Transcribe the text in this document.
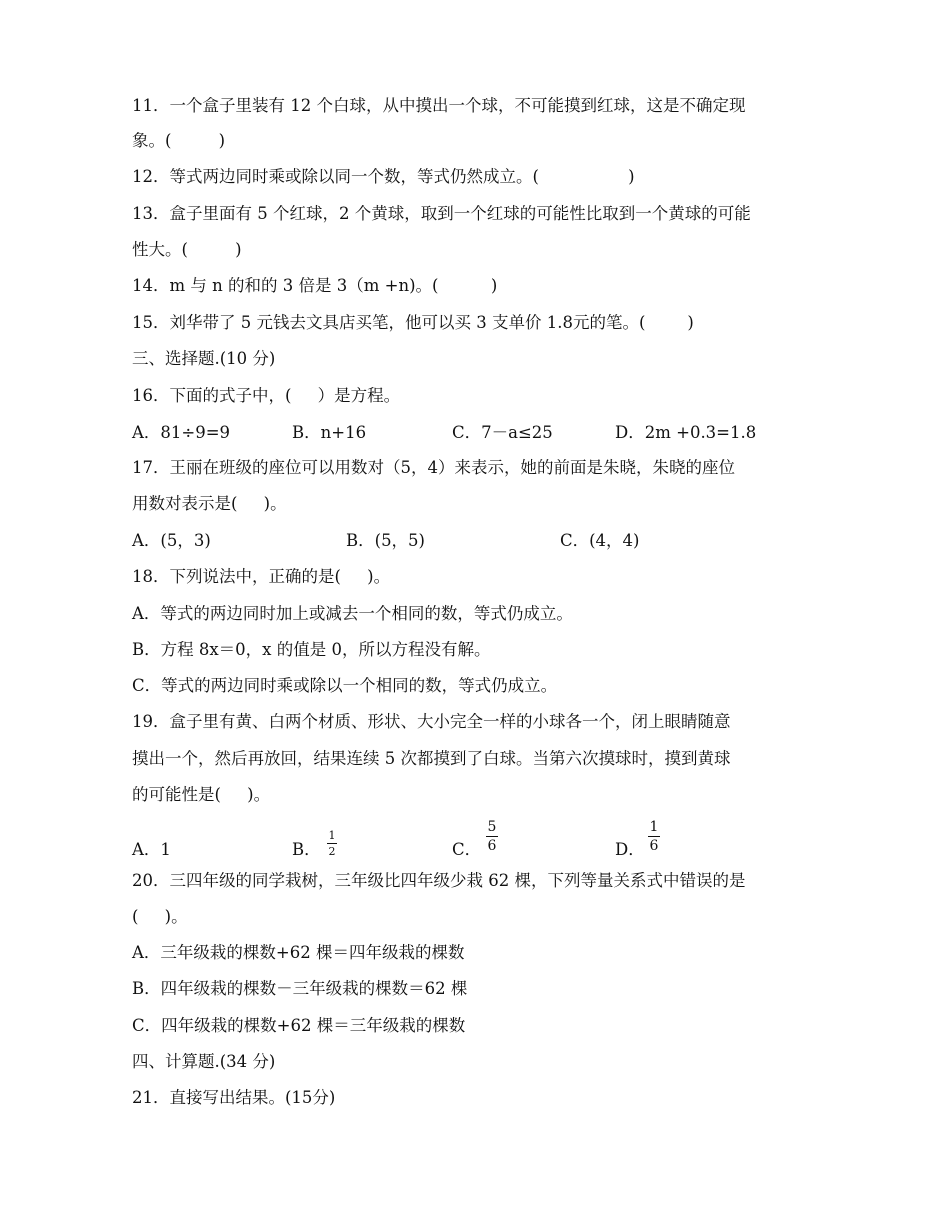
11．一个盒子里装有 12 个白球，从中摸出一个球，不可能摸到红球，这是不确定现
象。(         )
12．等式两边同时乘或除以同一个数，等式仍然成立。(                 )
13．盒子里面有 5 个红球，2 个黄球，取到一个红球的可能性比取到一个黄球的可能
性大。(         )
14．m 与 n 的和的 3 倍是 3（m +n)。(          )
15．刘华带了 5 元钱去文具店买笔，他可以买 3 支单价 1.8元的笔。(        )
三、选择题.(10 分)
16．下面的式子中，(     ）是方程。
A．81÷9=9	B．n+16	C．7－a≤25	D．2m +0.3=1.8
17．王丽在班级的座位可以用数对（5，4）来表示，她的前面是朱晓，朱晓的座位
用数对表示是(     )。
A．(5，3)	B．(5，5)	C．(4，4)
18．下列说法中，正确的是(     )。
A．等式的两边同时加上或减去一个相同的数，等式仍成立。
B．方程 8x＝0，x 的值是 0，所以方程没有解。
C．等式的两边同时乘或除以一个相同的数，等式仍成立。
19．盒子里有黄、白两个材质、形状、大小完全一样的小球各一个，闭上眼睛随意
摸出一个，然后再放回，结果连续 5 次都摸到了白球。当第六次摸球时，摸到黄球
的可能性是(     )。
A．1	B．
1
2	C．
5
6	D．
1
6
20．三四年级的同学栽树，三年级比四年级少栽 62 棵，下列等量关系式中错误的是
(     )。
A．三年级栽的棵数+62 棵＝四年级栽的棵数
B．四年级栽的棵数－三年级栽的棵数＝62 棵
C．四年级栽的棵数+62 棵＝三年级栽的棵数
四、计算题.(34 分)
21．直接写出结果。(15分)
